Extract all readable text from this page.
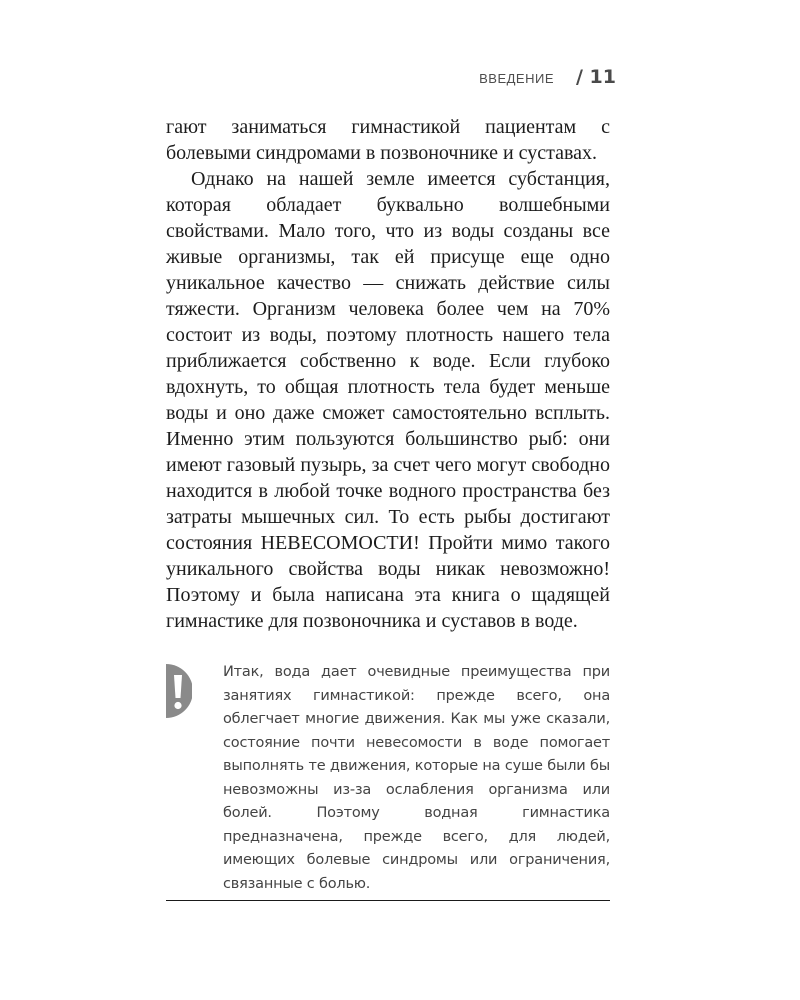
ВВЕДЕНИЕ / 11

гают заниматься гимнастикой пациентам с болевыми синдромами в позвоночнике и суставах.

Однако на нашей земле имеется субстанция, которая обладает буквально волшебными свойствами. Мало того, что из воды созданы все живые организмы, так ей присуще еще одно уникальное качество — снижать действие силы тяжести. Организм человека более чем на 70% состоит из воды, поэтому плотность нашего тела приближается собственно к воде. Если глубоко вдохнуть, то общая плотность тела будет меньше воды и оно даже сможет самостоятельно всплыть. Именно этим пользуются большинство рыб: они имеют газовый пузырь, за счет чего могут свободно находится в любой точке водного пространства без затраты мышечных сил. То есть рыбы достигают состояния НЕВЕСОМОСТИ! Пройти мимо такого уникального свойства воды никак невозможно! Поэтому и была написана эта книга о щадящей гимнастике для позвоночника и суставов в воде.

Итак, вода дает очевидные преимущества при занятиях гимнастикой: прежде всего, она облегчает многие движения. Как мы уже сказали, состояние почти невесомости в воде помогает выполнять те движения, которые на суше были бы невозможны из-за ослабления организма или болей. Поэтому водная гимнастика предназначена, прежде всего, для людей, имеющих болевые синдромы или ограничения, связанные с болью.
